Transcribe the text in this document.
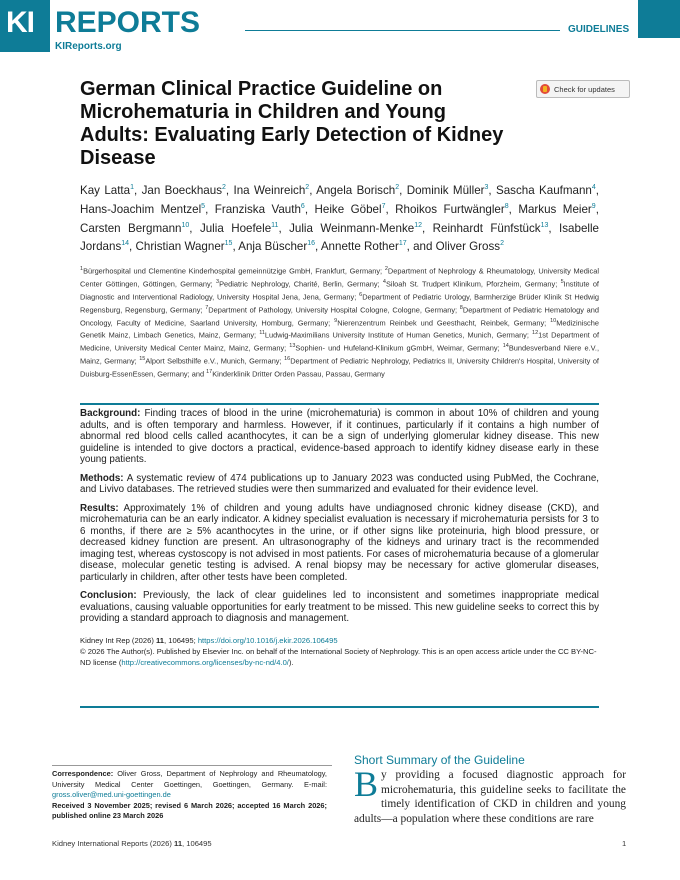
KI REPORTS
KIReports.org
GUIDELINES
German Clinical Practice Guideline on Microhematuria in Children and Young Adults: Evaluating Early Detection of Kidney Disease
Check for updates
Kay Latta$^1$, Jan Boeckhaus$^2$, Ina Weinreich$^2$, Angela Borisch$^2$, Dominik Müller$^3$, Sascha Kaufmann$^4$, Hans-Joachim Mentzel$^5$, Franziska Vauth$^6$, Heike Göbel$^7$, Rhoikos Furtwängler$^8$, Markus Meier$^9$, Carsten Bergmann$^{10}$, Julia Hoefele$^{11}$, Julia Weinmann-Menke$^{12}$, Reinhardt Fünfstück$^{13}$, Isabelle Jordans$^{14}$, Christian Wagner$^{15}$, Anja Büscher$^{16}$, Annette Rother$^{17}$, and Oliver Gross$^2$
$^1$Bürgerhospital und Clementine Kinderhospital gemeinnützige GmbH, Frankfurt, Germany; $^2$Department of Nephrology & Rheumatology, University Medical Center Göttingen, Göttingen, Germany; $^3$Pediatric Nephrology, Charité, Berlin, Germany; $^4$Siloah St. Trudpert Klinikum, Pforzheim, Germany; $^5$Institute of Diagnostic and Interventional Radiology, University Hospital Jena, Jena, Germany; $^6$Department of Pediatric Urology, Barmherzige Brüder Klinik St Hedwig Regensburg, Regensburg, Germany; $^7$Department of Pathology, University Hospital Cologne, Cologne, Germany; $^8$Department of Pediatric Hematology and Oncology, Faculty of Medicine, Saarland University, Homburg, Germany; $^9$Nierenzentrum Reinbek und Geesthacht, Reinbek, Germany; $^{10}$Medizinische Genetik Mainz, Limbach Genetics, Mainz, Germany; $^{11}$Ludwig-Maximilians University Institute of Human Genetics, Munich, Germany; $^{12}$1st Department of Medicine, University Medical Center Mainz, Mainz, Germany; $^{13}$Sophien- und Hufeland-Klinikum gGmbH, Weimar, Germany; $^{14}$Bundesverband Niere e.V., Mainz, Germany; $^{15}$Alport Selbsthilfe e.V., Munich, Germany; $^{16}$Department of Pediatric Nephrology, Pediatrics II, University Children's Hospital, University of Duisburg-EssenEssen, Germany; and $^{17}$Kinderklinik Dritter Orden Passau, Passau, Germany

Background: Finding traces of blood in the urine (microhematuria) is common in about 10% of children and young adults, and is often temporary and harmless. However, if it continues, particularly if it contains a high number of abnormal red blood cells called acanthocytes, it can be a sign of underlying glomerular kidney disease. This new guideline is intended to give doctors a practical, evidence-based approach to identify kidney disease early in these young patients.

Methods: A systematic review of 474 publications up to January 2023 was conducted using PubMed, the Cochrane, and Livivo databases. The retrieved studies were then summarized and evaluated for their evidence level.

Results: Approximately 1% of children and young adults have undiagnosed chronic kidney disease (CKD), and microhematuria can be an early indicator. A kidney specialist evaluation is necessary if microhematuria persists for 3 to 6 months, if there are ≥ 5% acanthocytes in the urine, or if other signs like proteinuria, high blood pressure, or decreased kidney function are present. An ultrasonography of the kidneys and urinary tract is the recommended imaging test, whereas cystoscopy is not advised in most patients. For cases of microhematuria because of a glomerular disease, molecular genetic testing is advised. A renal biopsy may be necessary for active glomerular diseases, particularly in children, after other tests have been completed.

Conclusion: Previously, the lack of clear guidelines led to inconsistent and sometimes inappropriate medical evaluations, causing valuable opportunities for early treatment to be missed. This new guideline seeks to correct this by providing a standard approach to diagnosis and management.

Kidney Int Rep (2026) 11, 106495; https://doi.org/10.1016/j.ekir.2026.106495
© 2026 The Author(s). Published by Elsevier Inc. on behalf of the International Society of Nephrology. This is an open access article under the CC BY-NC-ND license (http://creativecommons.org/licenses/by-nc-nd/4.0/).
Correspondence: Oliver Gross, Department of Nephrology and Rheumatology, University Medical Center Goettingen, Goettingen, Germany. E-mail: gross.oliver@med.uni-goettingen.de
Received 3 November 2025; revised 6 March 2026; accepted 16 March 2026; published online 23 March 2026
Short Summary of the Guideline
By providing a focused diagnostic approach for microhematuria, this guideline seeks to facilitate the timely identification of CKD in children and young adults—a population where these conditions are rare
Kidney International Reports (2026) 11, 106495	1
